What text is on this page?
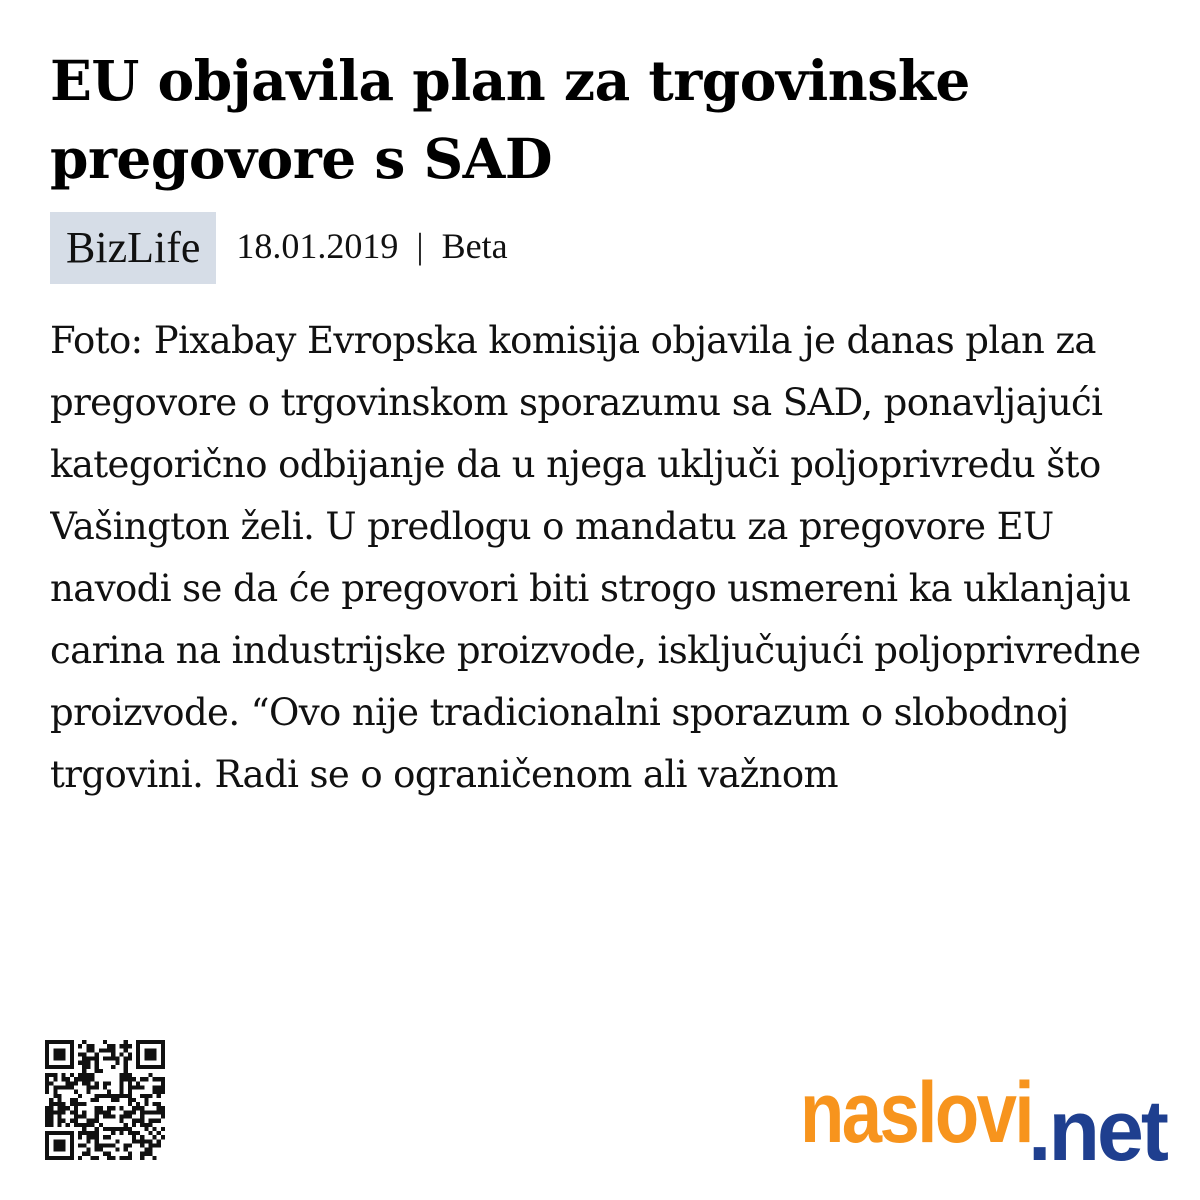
EU objavila plan za trgovinske pregovore s SAD
BizLife	18.01.2019 | Beta
Foto: Pixabay Evropska komisija objavila je danas plan za pregovore o trgovinskom sporazumu sa SAD, ponavljajući kategorično odbijanje da u njega uključi poljoprivredu što Vašington želi. U predlogu o mandatu za pregovore EU navodi se da će pregovori biti strogo usmereni ka uklanjaju carina na industrijske proizvode, isključujući poljoprivredne proizvode. “Ovo nije tradicionalni sporazum o slobodnoj trgovini. Radi se o ograničenom ali važnom
naslovi
.net
